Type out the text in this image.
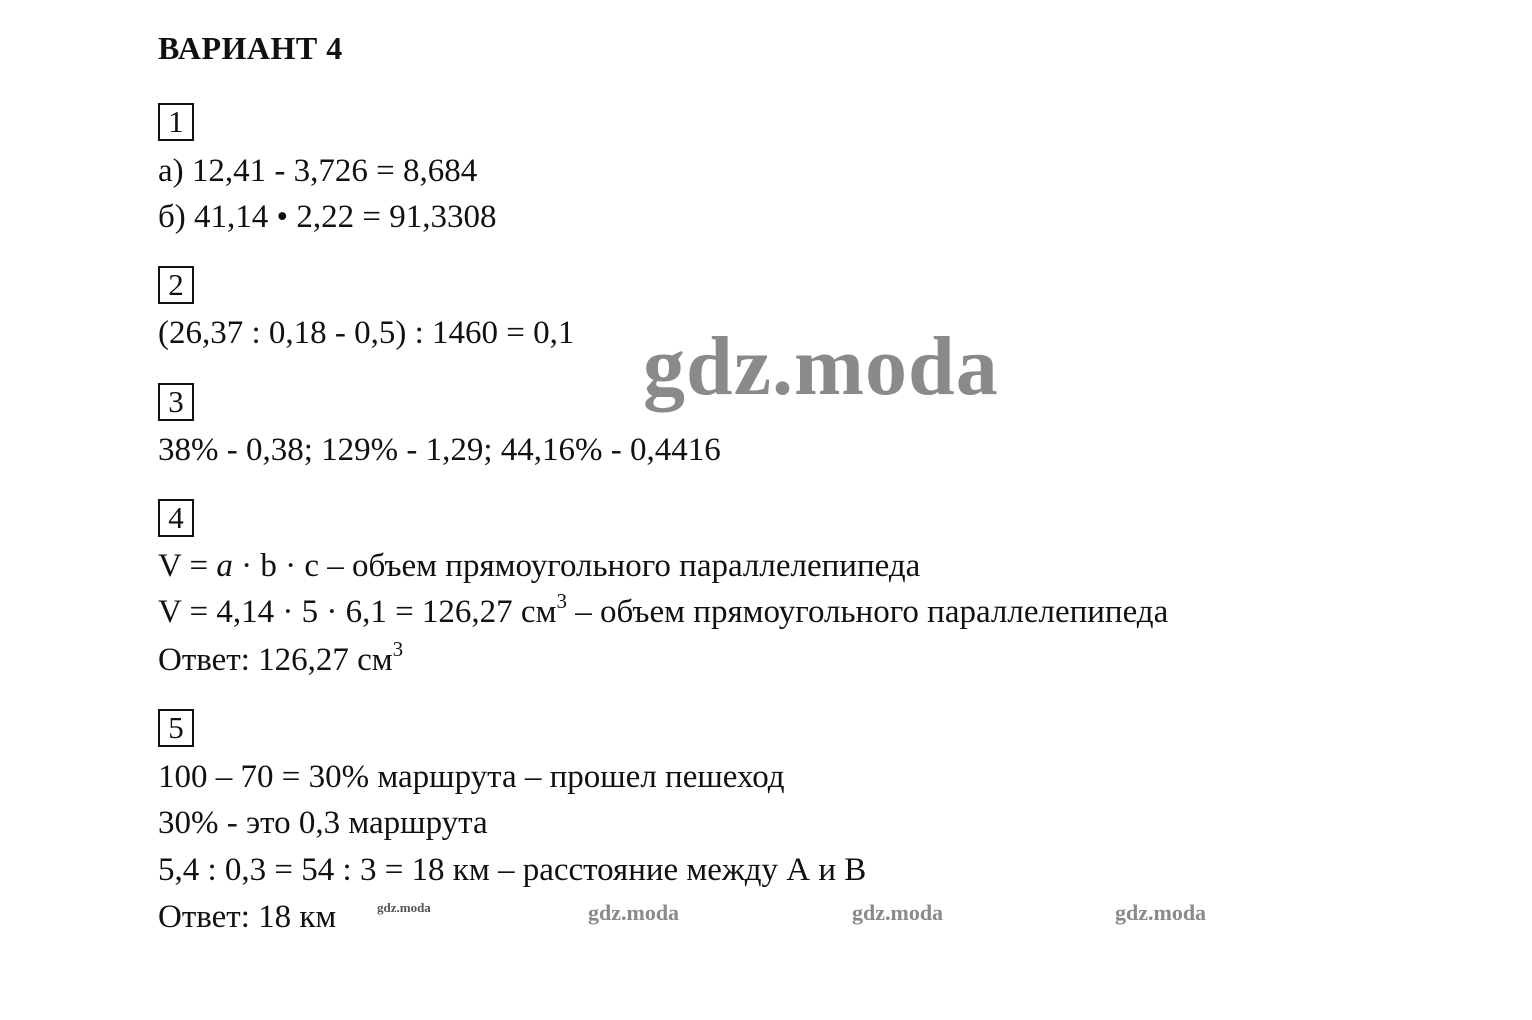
ВАРИАНТ 4
1
а) 12,41 - 3,726 = 8,684
б) 41,14 • 2,22 = 91,3308
2
(26,37 : 0,18 - 0,5) : 1460 = 0,1
3
38% - 0,38; 129% - 1,29; 44,16% - 0,4416
4
V = a · b · c – объем прямоугольного параллелепипеда
V = 4,14 · 5 · 6,1 = 126,27 $см^3$ – объем прямоугольного параллелепипеда
Ответ: 126,27 $см^3$
5
100 – 70 = 30% маршрута – прошел пешеход
30% - это 0,3 маршрута
5,4 : 0,3 = 54 : 3 = 18 км – расстояние между А и В
Ответ: 18 км
gdz.moda
gdz.moda	gdz.moda	gdz.moda	gdz.moda
